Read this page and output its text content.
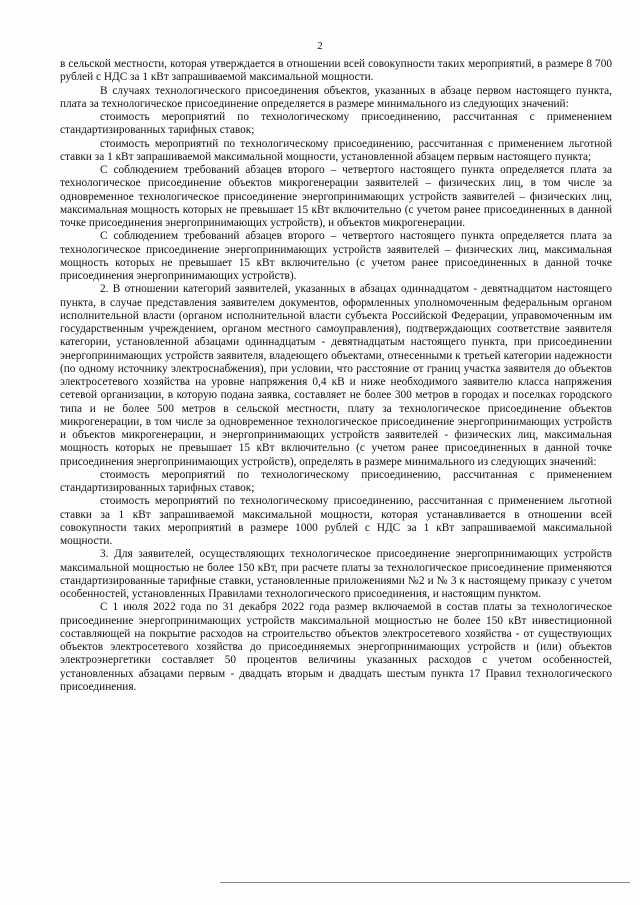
2

в сельской местности, которая утверждается в отношении всей совокупности таких мероприятий, в размере 8 700 рублей с НДС за 1 кВт запрашиваемой максимальной мощности.

В случаях технологического присоединения объектов, указанных в абзаце первом настоящего пункта, плата за технологическое присоединение определяется в размере минимального из следующих значений:

стоимость мероприятий по технологическому присоединению, рассчитанная с применением стандартизированных тарифных ставок;

стоимость мероприятий по технологическому присоединению, рассчитанная с применением льготной ставки за 1 кВт запрашиваемой максимальной мощности, установленной абзацем первым настоящего пункта;

С соблюдением требований абзацев второго – четвертого настоящего пункта определяется плата за технологическое присоединение объектов микрогенерации заявителей – физических лиц, в том числе за одновременное технологическое присоединение энергопринимающих устройств заявителей – физических лиц, максимальная мощность которых не превышает 15 кВт включительно (с учетом ранее присоединенных в данной точке присоединения энергопринимающих устройств), и объектов микрогенерации.

С соблюдением требований абзацев второго – четвертого настоящего пункта определяется плата за технологическое присоединение энергопринимающих устройств заявителей – физических лиц, максимальная мощность которых не превышает 15 кВт включительно (с учетом ранее присоединенных в данной точке присоединения энергопринимающих устройств).

2. В отношении категорий заявителей, указанных в абзацах одиннадцатом - девятнадцатом настоящего пункта, в случае представления заявителем документов, оформленных уполномоченным федеральным органом исполнительной власти (органом исполнительной власти субъекта Российской Федерации, управомоченным им государственным учреждением, органом местного самоуправления), подтверждающих соответствие заявителя категории, установленной абзацами одиннадцатым - девятнадцатым настоящего пункта, при присоединении энергопринимающих устройств заявителя, владеющего объектами, отнесенными к третьей категории надежности (по одному источнику электроснабжения), при условии, что расстояние от границ участка заявителя до объектов электросетевого хозяйства на уровне напряжения 0,4 кВ и ниже необходимого заявителю класса напряжения сетевой организации, в которую подана заявка, составляет не более 300 метров в городах и поселках городского типа и не более 500 метров в сельской местности, плату за технологическое присоединение объектов микрогенерации, в том числе за одновременное технологическое присоединение энергопринимающих устройств и объектов микрогенерации, и энергопринимающих устройств заявителей - физических лиц, максимальная мощность которых не превышает 15 кВт включительно (с учетом ранее присоединенных в данной точке присоединения энергопринимающих устройств), определять в размере минимального из следующих значений:

стоимость мероприятий по технологическому присоединению, рассчитанная с применением стандартизированных тарифных ставок;

стоимость мероприятий по технологическому присоединению, рассчитанная с применением льготной ставки за 1 кВт запрашиваемой максимальной мощности, которая устанавливается в отношении всей совокупности таких мероприятий в размере 1000 рублей с НДС за 1 кВт запрашиваемой максимальной мощности.

3. Для заявителей, осуществляющих технологическое присоединение энергопринимающих устройств максимальной мощностью не более 150 кВт, при расчете платы за технологическое присоединение применяются стандартизированные тарифные ставки, установленные приложениями №2 и № 3 к настоящему приказу с учетом особенностей, установленных Правилами технологического присоединения, и настоящим пунктом.

С 1 июля 2022 года по 31 декабря 2022 года размер включаемой в состав платы за технологическое присоединение энергопринимающих устройств максимальной мощностью не более 150 кВт инвестиционной составляющей на покрытие расходов на строительство объектов электросетевого хозяйства - от существующих объектов электросетевого хозяйства до присоединяемых энергопринимающих устройств и (или) объектов электроэнергетики составляет 50 процентов величины указанных расходов с учетом особенностей, установленных абзацами первым - двадцать вторым и двадцать шестым пункта 17 Правил технологического присоединения.
